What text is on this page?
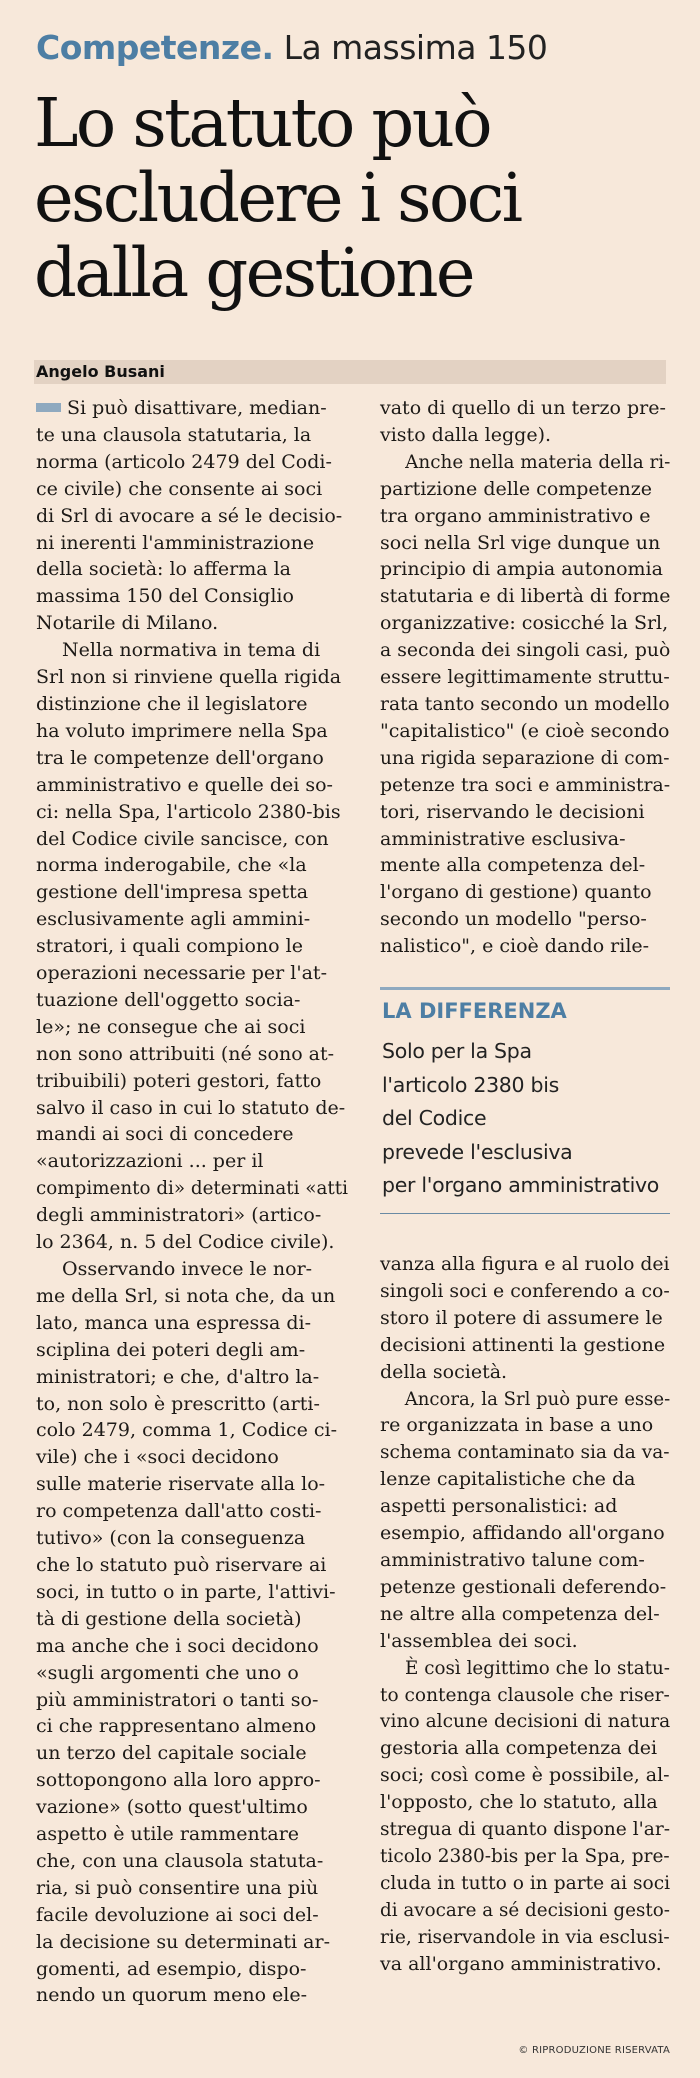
Competenze. La massima 150
Lo statuto può
escludere i soci
dalla gestione
Angelo Busani

Si può disattivare, median-

te una clausola statutaria, la

norma (articolo 2479 del Codi-

ce civile) che consente ai soci

di Srl di avocare a sé le decisio-

ni inerenti l'amministrazione

della società: lo afferma la

massima 150 del Consiglio

Notarile di Milano.

Nella normativa in tema di

Srl non si rinviene quella rigida

distinzione che il legislatore

ha voluto imprimere nella Spa

tra le competenze dell'organo

amministrativo e quelle dei so-

ci: nella Spa, l'articolo 2380-bis

del Codice civile sancisce, con

norma inderogabile, che «la

gestione dell'impresa spetta

esclusivamente agli ammini-

stratori, i quali compiono le

operazioni necessarie per l'at-

tuazione dell'oggetto socia-

le»; ne consegue che ai soci

non sono attribuiti (né sono at-

tribuibili) poteri gestori, fatto

salvo il caso in cui lo statuto de-

mandi ai soci di concedere

«autorizzazioni ... per il

compimento di» determinati «atti

degli amministratori» (artico-

lo 2364, n. 5 del Codice civile).

Osservando invece le nor-

me della Srl, si nota che, da un

lato, manca una espressa di-

sciplina dei poteri degli am-

ministratori; e che, d'altro la-

to, non solo è prescritto (arti-

colo 2479, comma 1, Codice ci-

vile) che i «soci decidono

sulle materie riservate alla lo-

ro competenza dall'atto costi-

tutivo» (con la conseguenza

che lo statuto può riservare ai

soci, in tutto o in parte, l'attivi-

tà di gestione della società)

ma anche che i soci decidono

«sugli argomenti che uno o

più amministratori o tanti so-

ci che rappresentano almeno

un terzo del capitale sociale

sottopongono alla loro appro-

vazione» (sotto quest'ultimo

aspetto è utile rammentare

che, con una clausola statuta-

ria, si può consentire una più

facile devoluzione ai soci del-

la decisione su determinati ar-

gomenti, ad esempio, dispo-

nendo un quorum meno ele-

vato di quello di un terzo pre-

visto dalla legge).

Anche nella materia della ri-

partizione delle competenze

tra organo amministrativo e

soci nella Srl vige dunque un

principio di ampia autonomia

statutaria e di libertà di forme

organizzative: cosicché la Srl,

a seconda dei singoli casi, può

essere legittimamente struttu-

rata tanto secondo un modello

"capitalistico" (e cioè secondo

una rigida separazione di com-

petenze tra soci e amministra-

tori, riservando le decisioni

amministrative esclusiva-

mente alla competenza del-

l'organo di gestione) quanto

secondo un modello "perso-

nalistico", e cioè dando rile-

LA DIFFERENZA
Solo per la Spa
l'articolo 2380 bis
del Codice
prevede l'esclusiva
per l'organo amministrativo

vanza alla figura e al ruolo dei

singoli soci e conferendo a co-

storo il potere di assumere le

decisioni attinenti la gestione

della società.

Ancora, la Srl può pure esse-

re organizzata in base a uno

schema contaminato sia da va-

lenze capitalistiche che da

aspetti personalistici: ad

esempio, affidando all'organo

amministrativo talune com-

petenze gestionali deferendo-

ne altre alla competenza del-

l'assemblea dei soci.

È così legittimo che lo statu-

to contenga clausole che riser-

vino alcune decisioni di natura

gestoria alla competenza dei

soci; così come è possibile, al-

l'opposto, che lo statuto, alla

stregua di quanto dispone l'ar-

ticolo 2380-bis per la Spa, pre-

cluda in tutto o in parte ai soci

di avocare a sé decisioni gesto-

rie, riservandole in via esclusi-

va all'organo amministrativo.

© RIPRODUZIONE RISERVATA
